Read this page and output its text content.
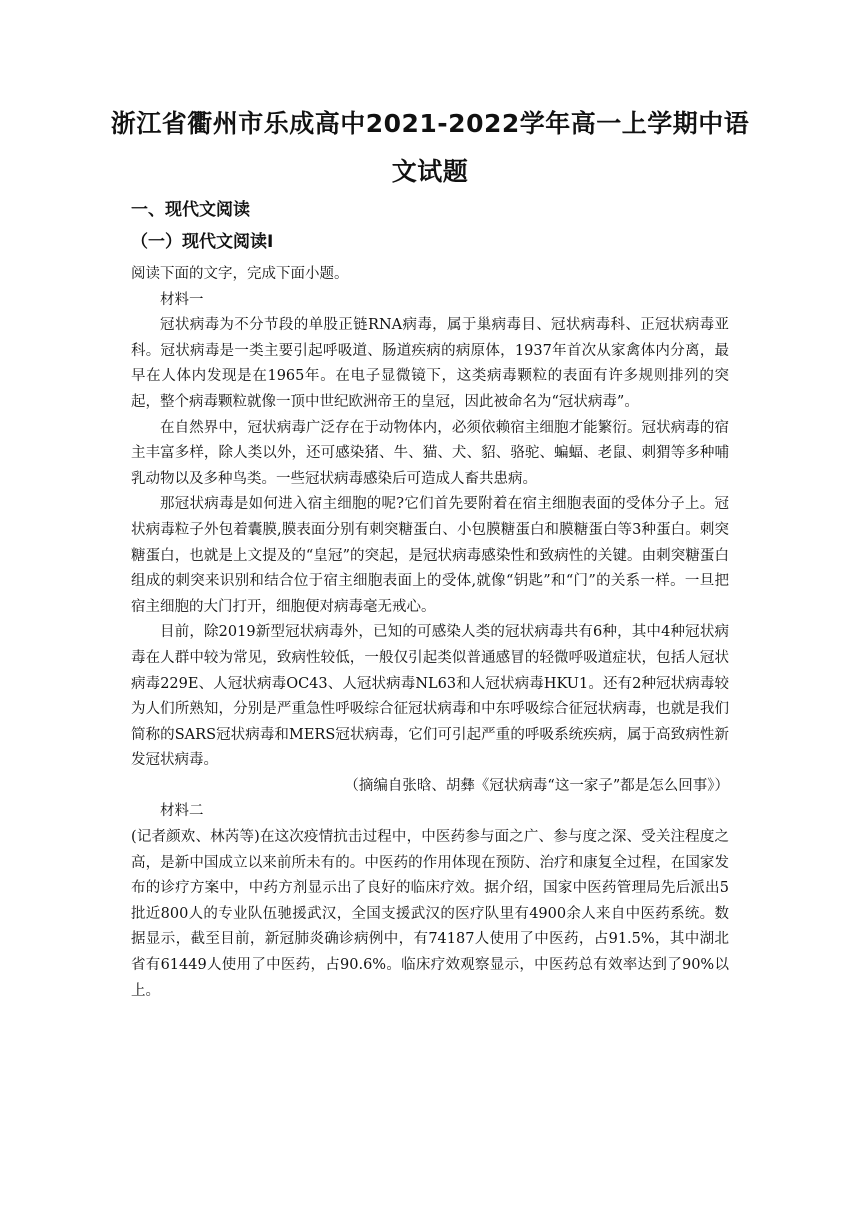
浙江省衢州市乐成高中2021-2022学年高一上学期中语文试题
一、现代文阅读
（一）现代文阅读Ⅰ

阅读下面的文字，完成下面小题。

材料一

冠状病毒为不分节段的单股正链RNA病毒，属于巢病毒目、冠状病毒科、正冠状病毒亚科。冠状病毒是一类主要引起呼吸道、肠道疾病的病原体，1937年首次从家禽体内分离，最早在人体内发现是在1965年。在电子显微镜下，这类病毒颗粒的表面有许多规则排列的突起，整个病毒颗粒就像一顶中世纪欧洲帝王的皇冠，因此被命名为“冠状病毒”。

在自然界中，冠状病毒广泛存在于动物体内，必须依赖宿主细胞才能繁衍。冠状病毒的宿主丰富多样，除人类以外，还可感染猪、牛、猫、犬、貂、骆驼、蝙蝠、老鼠、刺猬等多种哺乳动物以及多种鸟类。一些冠状病毒感染后可造成人畜共患病。

那冠状病毒是如何进入宿主细胞的呢?它们首先要附着在宿主细胞表面的受体分子上。冠状病毒粒子外包着囊膜,膜表面分别有刺突糖蛋白、小包膜糖蛋白和膜糖蛋白等3种蛋白。刺突糖蛋白，也就是上文提及的“皇冠”的突起，是冠状病毒感染性和致病性的关键。由刺突糖蛋白组成的刺突来识别和结合位于宿主细胞表面上的受体,就像“钥匙”和“门”的关系一样。一旦把宿主细胞的大门打开，细胞便对病毒毫无戒心。

目前，除2019新型冠状病毒外，已知的可感染人类的冠状病毒共有6种，其中4种冠状病毒在人群中较为常见，致病性较低，一般仅引起类似普通感冒的轻微呼吸道症状，包括人冠状病毒229E、人冠状病毒OC43、人冠状病毒NL63和人冠状病毒HKU1。还有2种冠状病毒较为人们所熟知，分别是严重急性呼吸综合征冠状病毒和中东呼吸综合征冠状病毒，也就是我们简称的SARS冠状病毒和MERS冠状病毒，它们可引起严重的呼吸系统疾病，属于高致病性新发冠状病毒。

（摘编自张晗、胡彝《冠状病毒“这一家子”都是怎么回事》）

材料二

(记者颜欢、林芮等)在这次疫情抗击过程中，中医药参与面之广、参与度之深、受关注程度之高，是新中国成立以来前所未有的。中医药的作用体现在预防、治疗和康复全过程，在国家发布的诊疗方案中，中药方剂显示出了良好的临床疗效。据介绍，国家中医药管理局先后派出5批近800人的专业队伍驰援武汉，全国支援武汉的医疗队里有4900余人来自中医药系统。数据显示，截至目前，新冠肺炎确诊病例中，有74187人使用了中医药，占91.5%，其中湖北省有61449人使用了中医药，占90.6%。临床疗效观察显示，中医药总有效率达到了90%以上。
